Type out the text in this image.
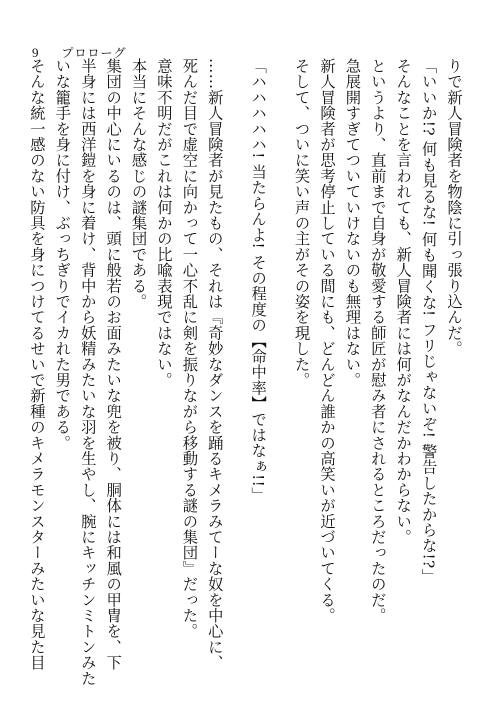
9 プロローグ
りで新人冒険者を物陰に引っ張り込んだ。
「いいか!? 何も見るな! 何も聞くな! フリじゃないぞ! 警告したからな!?」
そんなことを言われても、新人冒険者には何がなんだかわからない。
というより、直前まで自身が敬愛する師匠が慰み者にされるところだったのだ。
急展開すぎてついていけないのも無理はない。
新人冒険者が思考停止している間にも、どんどん誰かの高笑いが近づいてくる。
そして、ついに笑い声の主がその姿を現した。
「ハハハハハ! 当たらんよ! その程度の【命中率】ではなぁ!!」
……新人冒険者が見たもの、それは『奇妙なダンスを踊るキメラみてーな奴を中心に、
死んだ目で虚空に向かって一心不乱に剣を振りながら移動する謎の集団』だった。
意味不明だがこれは何かの比喩表現ではない。
本当にそんな感じの謎集団である。
集団の中心にいるのは、頭に般若のお面みたいな兜を被り、胴体には和風の甲冑を、下
半身には西洋鎧を身に着け、背中から妖精みたいな羽を生やし、腕にキッチンミトンみた
いな籠手を身に付け、ぶっちぎりでイカれた男である。
そんな統一感のない防具を身につけてるせいで新種のキメラモンスターみたいな見た目
